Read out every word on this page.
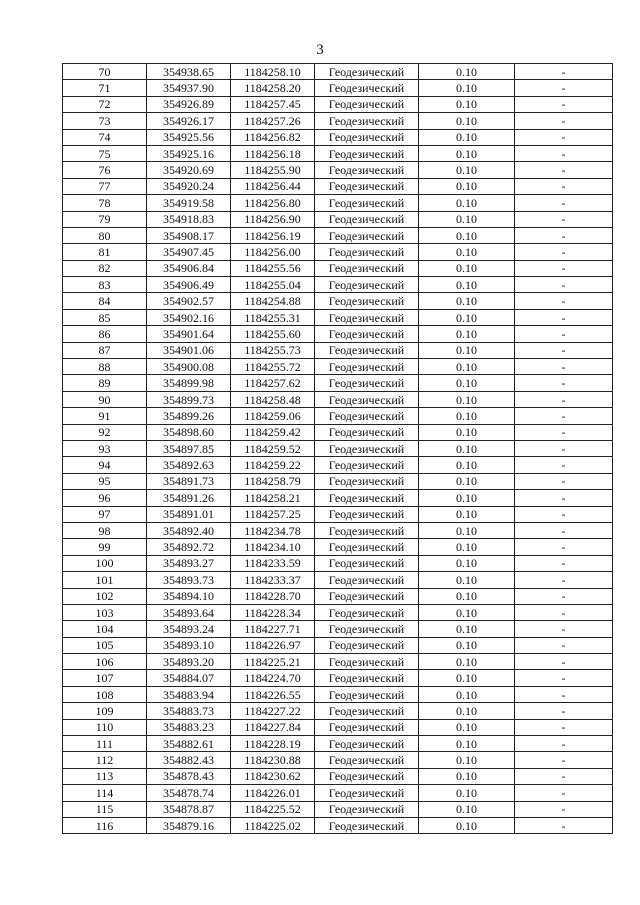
3
70	354938.65	1184258.10	Геодезический	0.10	-
71	354937.90	1184258.20	Геодезический	0.10	-
72	354926.89	1184257.45	Геодезический	0.10	-
73	354926.17	1184257.26	Геодезический	0.10	-
74	354925.56	1184256.82	Геодезический	0.10	-
75	354925.16	1184256.18	Геодезический	0.10	-
76	354920.69	1184255.90	Геодезический	0.10	-
77	354920.24	1184256.44	Геодезический	0.10	-
78	354919.58	1184256.80	Геодезический	0.10	-
79	354918.83	1184256.90	Геодезический	0.10	-
80	354908.17	1184256.19	Геодезический	0.10	-
81	354907.45	1184256.00	Геодезический	0.10	-
82	354906.84	1184255.56	Геодезический	0.10	-
83	354906.49	1184255.04	Геодезический	0.10	-
84	354902.57	1184254.88	Геодезический	0.10	-
85	354902.16	1184255.31	Геодезический	0.10	-
86	354901.64	1184255.60	Геодезический	0.10	-
87	354901.06	1184255.73	Геодезический	0.10	-
88	354900.08	1184255.72	Геодезический	0.10	-
89	354899.98	1184257.62	Геодезический	0.10	-
90	354899.73	1184258.48	Геодезический	0.10	-
91	354899.26	1184259.06	Геодезический	0.10	-
92	354898.60	1184259.42	Геодезический	0.10	-
93	354897.85	1184259.52	Геодезический	0.10	-
94	354892.63	1184259.22	Геодезический	0.10	-
95	354891.73	1184258.79	Геодезический	0.10	-
96	354891.26	1184258.21	Геодезический	0.10	-
97	354891.01	1184257.25	Геодезический	0.10	-
98	354892.40	1184234.78	Геодезический	0.10	-
99	354892.72	1184234.10	Геодезический	0.10	-
100	354893.27	1184233.59	Геодезический	0.10	-
101	354893.73	1184233.37	Геодезический	0.10	-
102	354894.10	1184228.70	Геодезический	0.10	-
103	354893.64	1184228.34	Геодезический	0.10	-
104	354893.24	1184227.71	Геодезический	0.10	-
105	354893.10	1184226.97	Геодезический	0.10	-
106	354893.20	1184225.21	Геодезический	0.10	-
107	354884.07	1184224.70	Геодезический	0.10	-
108	354883.94	1184226.55	Геодезический	0.10	-
109	354883.73	1184227.22	Геодезический	0.10	-
110	354883.23	1184227.84	Геодезический	0.10	-
111	354882.61	1184228.19	Геодезический	0.10	-
112	354882.43	1184230.88	Геодезический	0.10	-
113	354878.43	1184230.62	Геодезический	0.10	-
114	354878.74	1184226.01	Геодезический	0.10	-
115	354878.87	1184225.52	Геодезический	0.10	-
116	354879.16	1184225.02	Геодезический	0.10	-
